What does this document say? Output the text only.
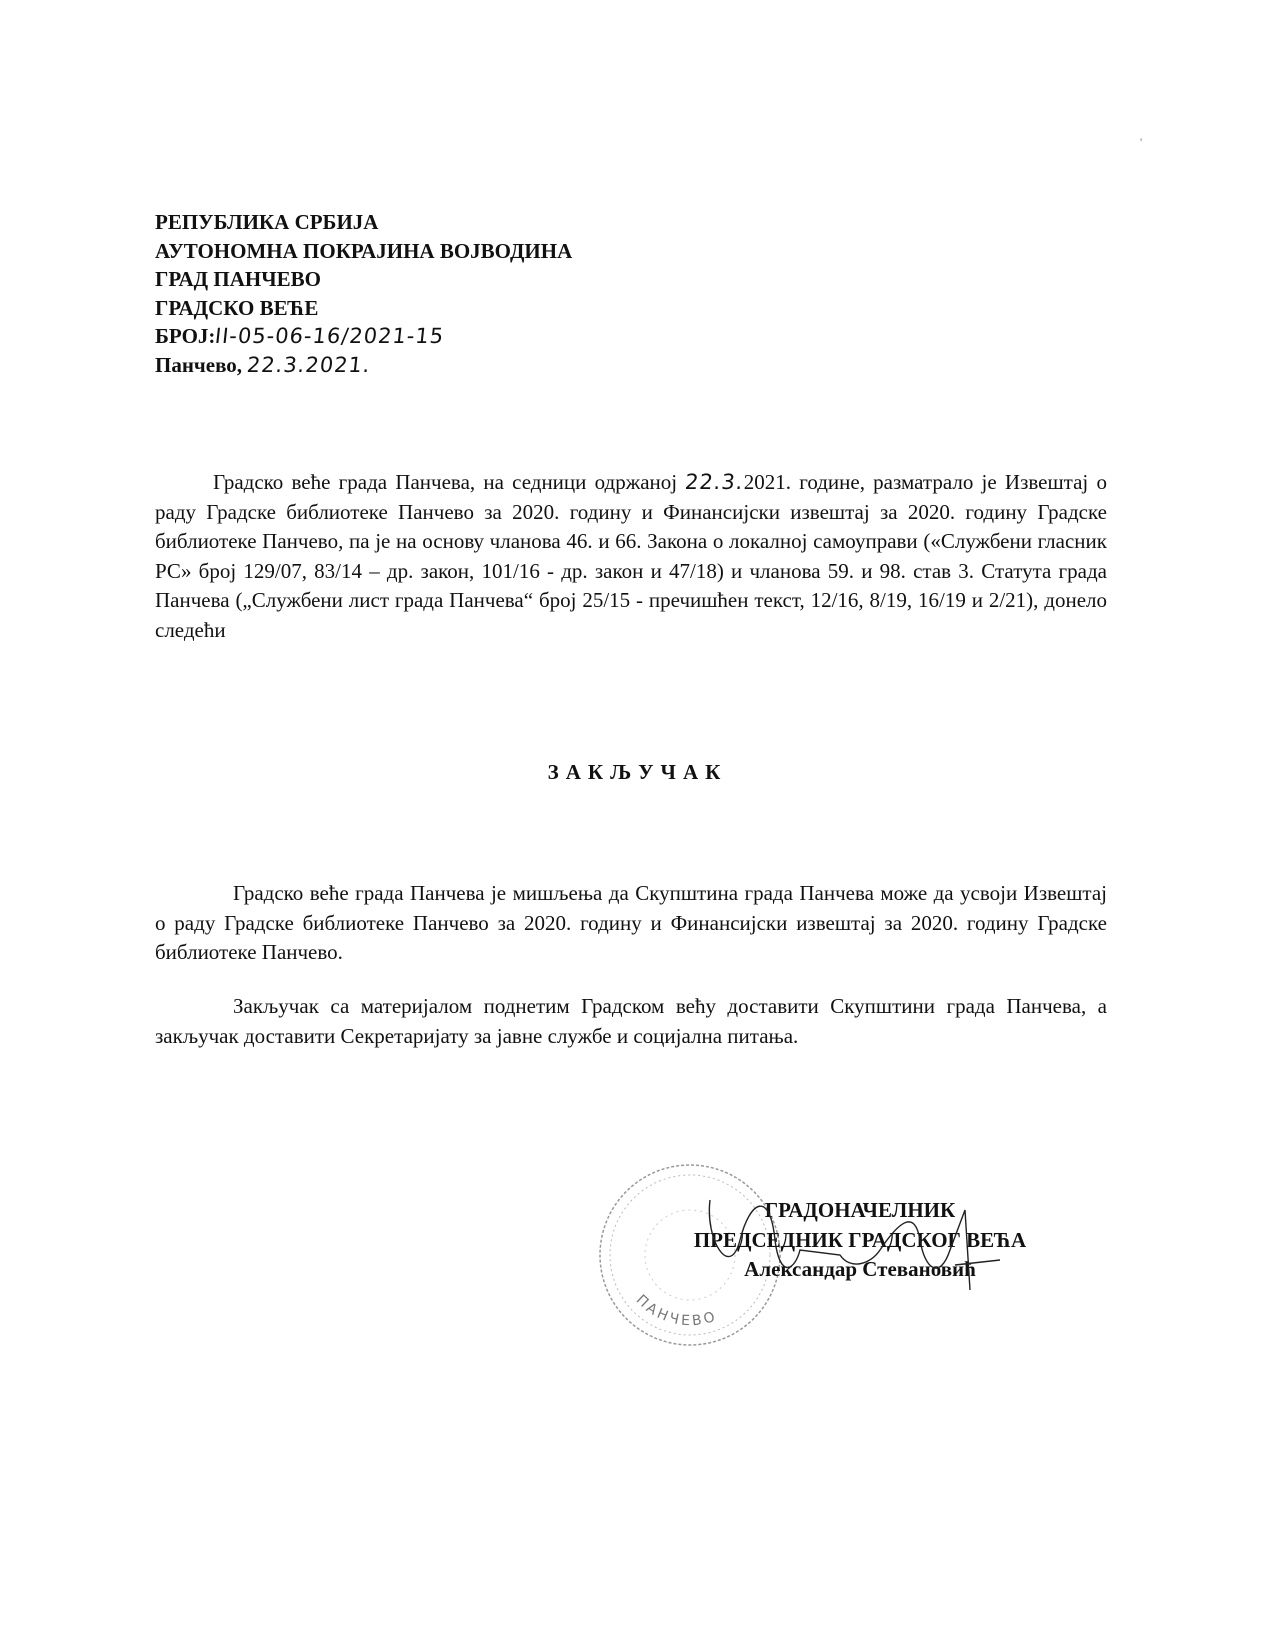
'
РЕПУБЛИКА СРБИЈА
АУТОНОМНА ПОКРАЈИНА ВОЈВОДИНА
ГРАД ПАНЧЕВО
ГРАДСКО ВЕЋЕ
БРОЈ:II-05-06-16/2021-15
Панчево, 22.3.2021.
Градско веће града Панчева, на седници одржаној 22.3.2021. године, разматрало је Извештај о раду Градске библиотеке Панчево за 2020. годину и Финансијски извештај за 2020. годину Градске библиотеке Панчево, па је на основу чланова 46. и 66. Закона о локалној самоуправи («Службени гласник РС» број 129/07, 83/14 – др. закон, 101/16 - др. закон и 47/18) и чланова 59. и 98. став 3. Статута града Панчева („Службени лист града Панчева“ број 25/15 - пречишћен текст, 12/16, 8/19, 16/19 и 2/21), донело следећи
ЗАКЉУЧАК
Градско веће града Панчева је мишљења да Скупштина града Панчева може да усвоји Извештај о раду Градске библиотеке Панчево за 2020. годину и Финансијски извештај за 2020. годину Градске библиотеке Панчево.
Закључак са материјалом поднетим Градском већу доставити Скупштини града Панчева, а закључак доставити Секретаријату за јавне службе и социјална питања.
ПАНЧЕВО
ГРАДОНАЧЕЛНИК
ПРЕДСЕДНИК ГРАДСКОГ ВЕЋА
Александар Стевановић
